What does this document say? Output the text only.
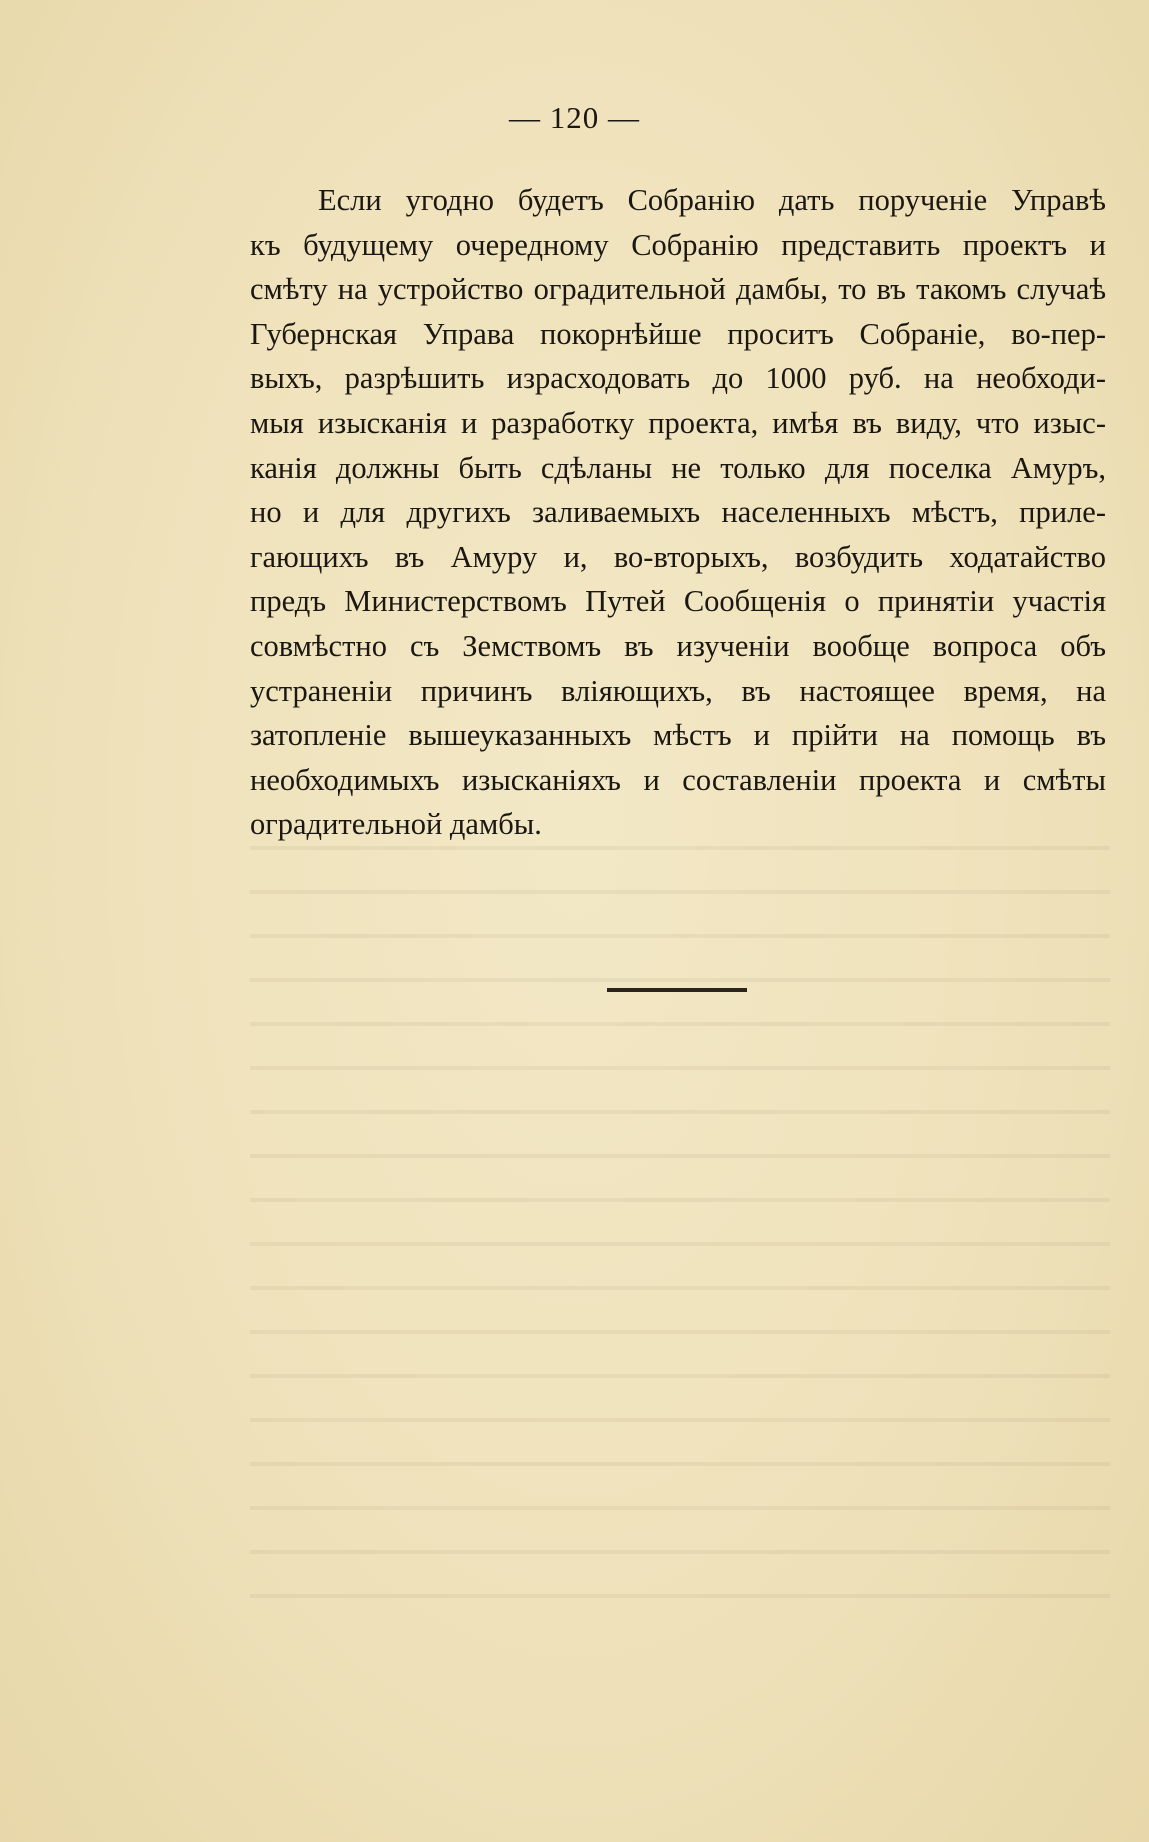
— 120 —
Если угодно будетъ Собранію дать порученіе Управѣ
къ будущему очередному Собранію представить проектъ и
смѣту на устройство оградительной дамбы, то въ такомъ случаѣ
Губернская Управа покорнѣйше проситъ Собраніе, во-пер-
выхъ, разрѣшить израсходовать до 1000 руб. на необходи-
мыя изысканія и разработку проекта, имѣя въ виду, что изыс-
канія должны быть сдѣланы не только для поселка Амуръ,
но и для другихъ заливаемыхъ населенныхъ мѣстъ, приле-
гающихъ въ Амуру и, во-вторыхъ, возбудить ходатайство
предъ Министерствомъ Путей Сообщенія о принятіи участія
совмѣстно съ Земствомъ въ изученіи вообще вопроса объ
устраненіи причинъ вліяющихъ, въ настоящее время, на
затопленіе вышеуказанныхъ мѣстъ и прійти на помощь въ
необходимыхъ изысканіяхъ и составленіи проекта и смѣты
оградительной дамбы.
